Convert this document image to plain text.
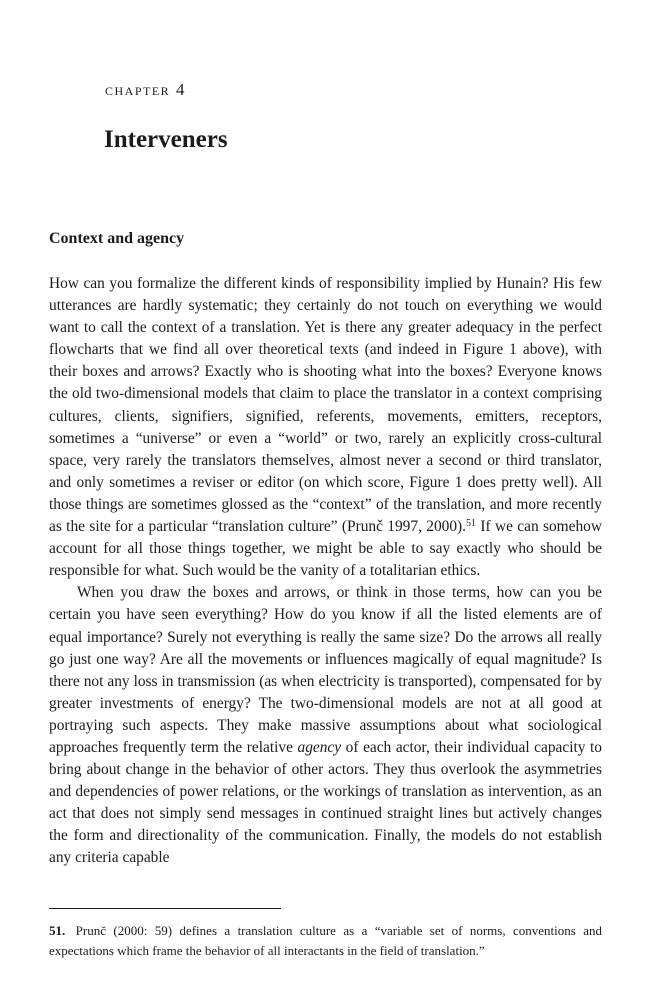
chapter 4
Interveners
Context and agency

How can you formalize the different kinds of responsibility implied by Hunain? His few utterances are hardly systematic; they certainly do not touch on everything we would want to call the context of a translation. Yet is there any greater adequacy in the perfect flowcharts that we find all over theoretical texts (and indeed in Figure 1 above), with their boxes and arrows? Exactly who is shooting what into the boxes? Everyone knows the old two-dimensional models that claim to place the translator in a context comprising cultures, clients, signifiers, signified, referents, movements, emitters, receptors, sometimes a “universe” or even a “world” or two, rarely an explicitly cross-cultural space, very rarely the translators themselves, almost never a second or third translator, and only sometimes a reviser or editor (on which score, Figure 1 does pretty well). All those things are sometimes glossed as the “context” of the translation, and more recently as the site for a particular “translation culture” (Prunč 1997, 2000).$^{51}$ If we can somehow account for all those things together, we might be able to say exactly who should be responsible for what. Such would be the vanity of a totalitarian ethics.

When you draw the boxes and arrows, or think in those terms, how can you be certain you have seen everything? How do you know if all the listed elements are of equal importance? Surely not everything is really the same size? Do the arrows all really go just one way? Are all the movements or influences magically of equal magnitude? Is there not any loss in transmission (as when electricity is transported), compensated for by greater investments of energy? The two-dimensional models are not at all good at portraying such aspects. They make massive assumptions about what sociological approaches frequently term the relative agency of each actor, their individual capacity to bring about change in the behavior of other actors. They thus overlook the asymmetries and dependencies of power relations, or the workings of translation as intervention, as an act that does not simply send messages in continued straight lines but actively changes the form and directionality of the communication. Finally, the models do not establish any criteria capable

51. Prunč (2000: 59) defines a translation culture as a “variable set of norms, conventions and expectations which frame the behavior of all interactants in the field of translation.”
